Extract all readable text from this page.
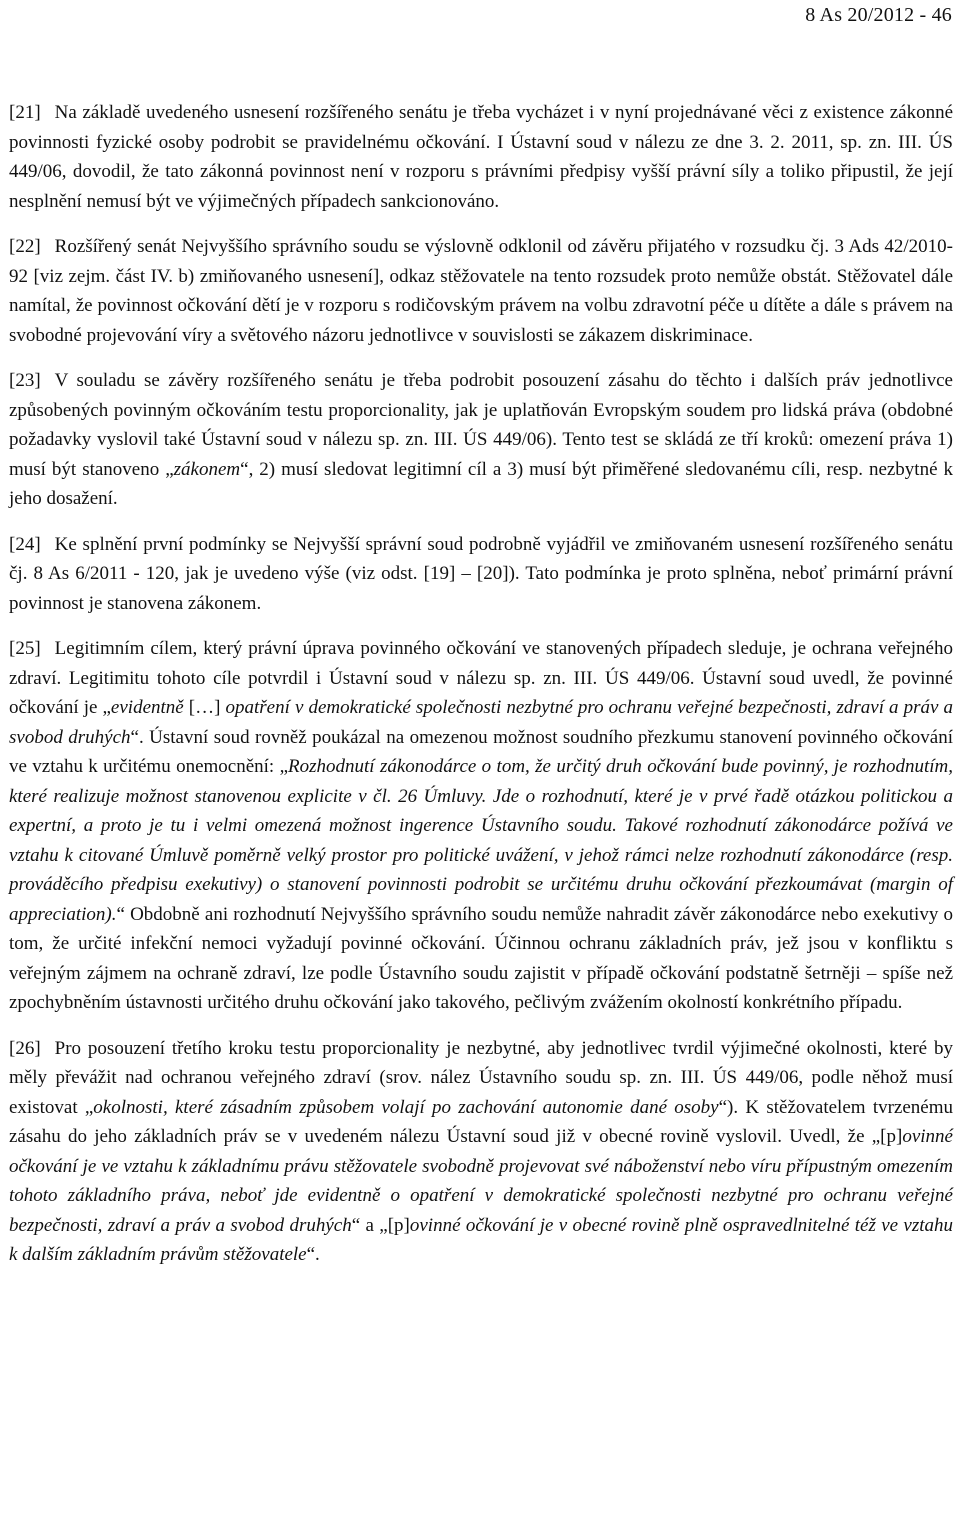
8 As 20/2012 - 46

[21] Na základě uvedeného usnesení rozšířeného senátu je třeba vycházet i v nyní projednávané věci z existence zákonné povinnosti fyzické osoby podrobit se pravidelnému očkování. I Ústavní soud v nálezu ze dne 3. 2. 2011, sp. zn. III. ÚS 449/06, dovodil, že tato zákonná povinnost není v rozporu s právními předpisy vyšší právní síly a toliko připustil, že její nesplnění nemusí být ve výjimečných případech sankcionováno.

[22] Rozšířený senát Nejvyššího správního soudu se výslovně odklonil od závěru přijatého v rozsudku čj. 3 Ads 42/2010-92 [viz zejm. část IV. b) zmiňovaného usnesení], odkaz stěžovatele na tento rozsudek proto nemůže obstát. Stěžovatel dále namítal, že povinnost očkování dětí je v rozporu s rodičovským právem na volbu zdravotní péče u dítěte a dále s právem na svobodné projevování víry a světového názoru jednotlivce v souvislosti se zákazem diskriminace.

[23] V souladu se závěry rozšířeného senátu je třeba podrobit posouzení zásahu do těchto i dalších práv jednotlivce způsobených povinným očkováním testu proporcionality, jak je uplatňován Evropským soudem pro lidská práva (obdobné požadavky vyslovil také Ústavní soud v nálezu sp. zn. III. ÚS 449/06). Tento test se skládá ze tří kroků: omezení práva 1) musí být stanoveno „zákonem“, 2) musí sledovat legitimní cíl a 3) musí být přiměřené sledovanému cíli, resp. nezbytné k jeho dosažení.

[24] Ke splnění první podmínky se Nejvyšší správní soud podrobně vyjádřil ve zmiňovaném usnesení rozšířeného senátu čj. 8 As 6/2011 - 120, jak je uvedeno výše (viz odst. [19] – [20]). Tato podmínka je proto splněna, neboť primární právní povinnost je stanovena zákonem.

[25] Legitimním cílem, který právní úprava povinného očkování ve stanovených případech sleduje, je ochrana veřejného zdraví. Legitimitu tohoto cíle potvrdil i Ústavní soud v nálezu sp. zn. III. ÚS 449/06. Ústavní soud uvedl, že povinné očkování je „evidentně […] opatření v demokratické společnosti nezbytné pro ochranu veřejné bezpečnosti, zdraví a práv a svobod druhých“. Ústavní soud rovněž poukázal na omezenou možnost soudního přezkumu stanovení povinného očkování ve vztahu k určitému onemocnění: „Rozhodnutí zákonodárce o tom, že určitý druh očkování bude povinný, je rozhodnutím, které realizuje možnost stanovenou explicite v čl. 26 Úmluvy. Jde o rozhodnutí, které je v prvé řadě otázkou politickou a expertní, a proto je tu i velmi omezená možnost ingerence Ústavního soudu. Takové rozhodnutí zákonodárce požívá ve vztahu k citované Úmluvě poměrně velký prostor pro politické uvážení, v jehož rámci nelze rozhodnutí zákonodárce (resp. prováděcího předpisu exekutivy) o stanovení povinnosti podrobit se určitému druhu očkování přezkoumávat (margin of appreciation).“ Obdobně ani rozhodnutí Nejvyššího správního soudu nemůže nahradit závěr zákonodárce nebo exekutivy o tom, že určité infekční nemoci vyžadují povinné očkování. Účinnou ochranu základních práv, jež jsou v konfliktu s veřejným zájmem na ochraně zdraví, lze podle Ústavního soudu zajistit v případě očkování podstatně šetrněji – spíše než zpochybněním ústavnosti určitého druhu očkování jako takového, pečlivým zvážením okolností konkrétního případu.

[26] Pro posouzení třetího kroku testu proporcionality je nezbytné, aby jednotlivec tvrdil výjimečné okolnosti, které by měly převážit nad ochranou veřejného zdraví (srov. nález Ústavního soudu sp. zn. III. ÚS 449/06, podle něhož musí existovat „okolnosti, které zásadním způsobem volají po zachování autonomie dané osoby“). K stěžovatelem tvrzenému zásahu do jeho základních práv se v uvedeném nálezu Ústavní soud již v obecné rovině vyslovil. Uvedl, že „[p]ovinné očkování je ve vztahu k základnímu právu stěžovatele svobodně projevovat své náboženství nebo víru přípustným omezením tohoto základního práva, neboť jde evidentně o opatření v demokratické společnosti nezbytné pro ochranu veřejné bezpečnosti, zdraví a práv a svobod druhých“ a „[p]ovinné očkování je v obecné rovině plně ospravedlnitelné též ve vztahu k dalším základním právům stěžovatele“.
